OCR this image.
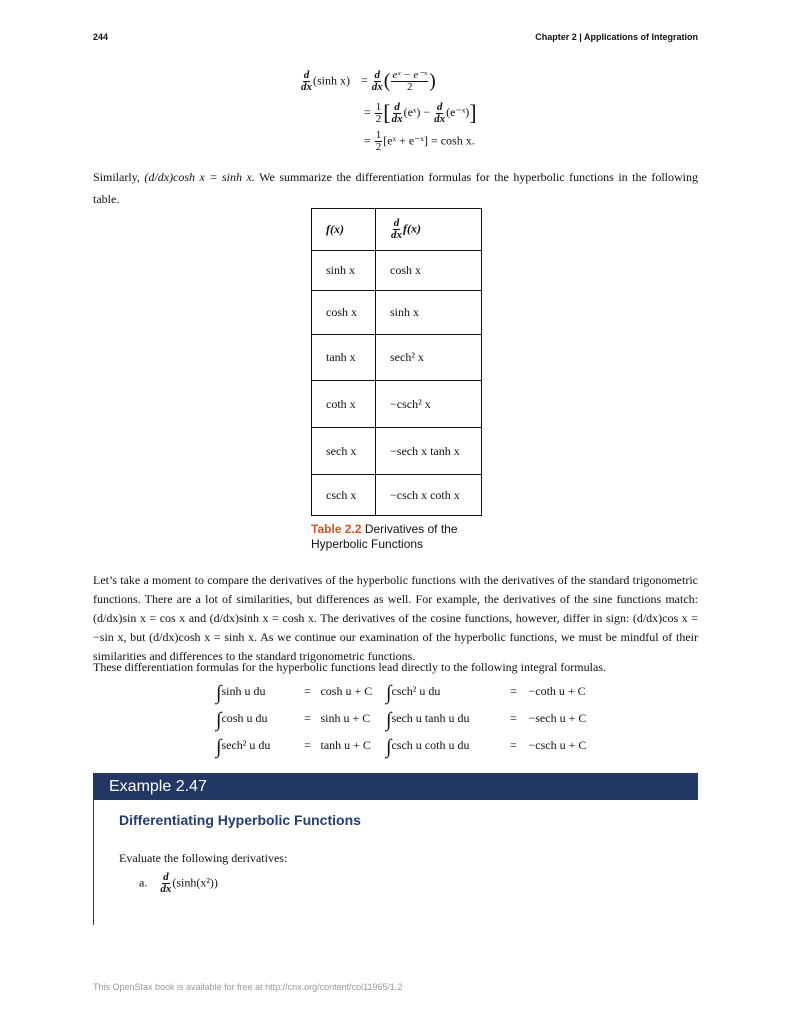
244	Chapter 2 | Applications of Integration
$\frac{d}{dx} (\sinh$ $x) = \frac{d}{dx}$ ( $\frac{\text{eˣ − e⁻ˣ}}{2}$ )
= $\frac{1}{2}$ [ $\frac{d}{dx}$ (eˣ) − $\frac{d}{dx}$ (e⁻ˣ)]
= $\frac{1}{2}$ [eˣ + e⁻ˣ] = cosh x.
Similarly, (d/dx)cosh x = sinh x. We summarize the differentiation formulas for the hyperbolic functions in the following table.
f(x)	$\frac{d}{dx} f(x)$
sinh x	cosh x
cosh x	sinh x
tanh x	sech² x
coth x	−csch² x
sech x	−sech x tanh x
csch x	−csch x coth x
Table 2.2 Derivatives of the Hyperbolic Functions
Let’s take a moment to compare the derivatives of the hyperbolic functions with the derivatives of the standard trigonometric functions. There are a lot of similarities, but differences as well. For example, the derivatives of the sine functions match: (d/dx)sin x = cos x and (d/dx)sinh x = cosh x. The derivatives of the cosine functions, however, differ in sign: (d/dx)cos x = −sin x, but (d/dx)cosh x = sinh x. As we continue our examination of the hyperbolic functions, we must be mindful of their similarities and differences to the standard trigonometric functions.
These differentiation formulas for the hyperbolic functions lead directly to the following integral formulas.
∫sinh u du	= cosh u + C
∫cosh u du	= sinh u + C
∫sech² u du	= tanh u + C
∫csch² u du	= −coth u + C
∫sech u tanh u du	= −sech u + C
∫csch u coth u du	= −csch u + C
Example 2.47
Differentiating Hyperbolic Functions
Evaluate the following derivatives:
a. $\frac{d}{dx} (\sinh(x^2))$
This OpenStax book is available for free at http://cnx.org/content/col11965/1.2
